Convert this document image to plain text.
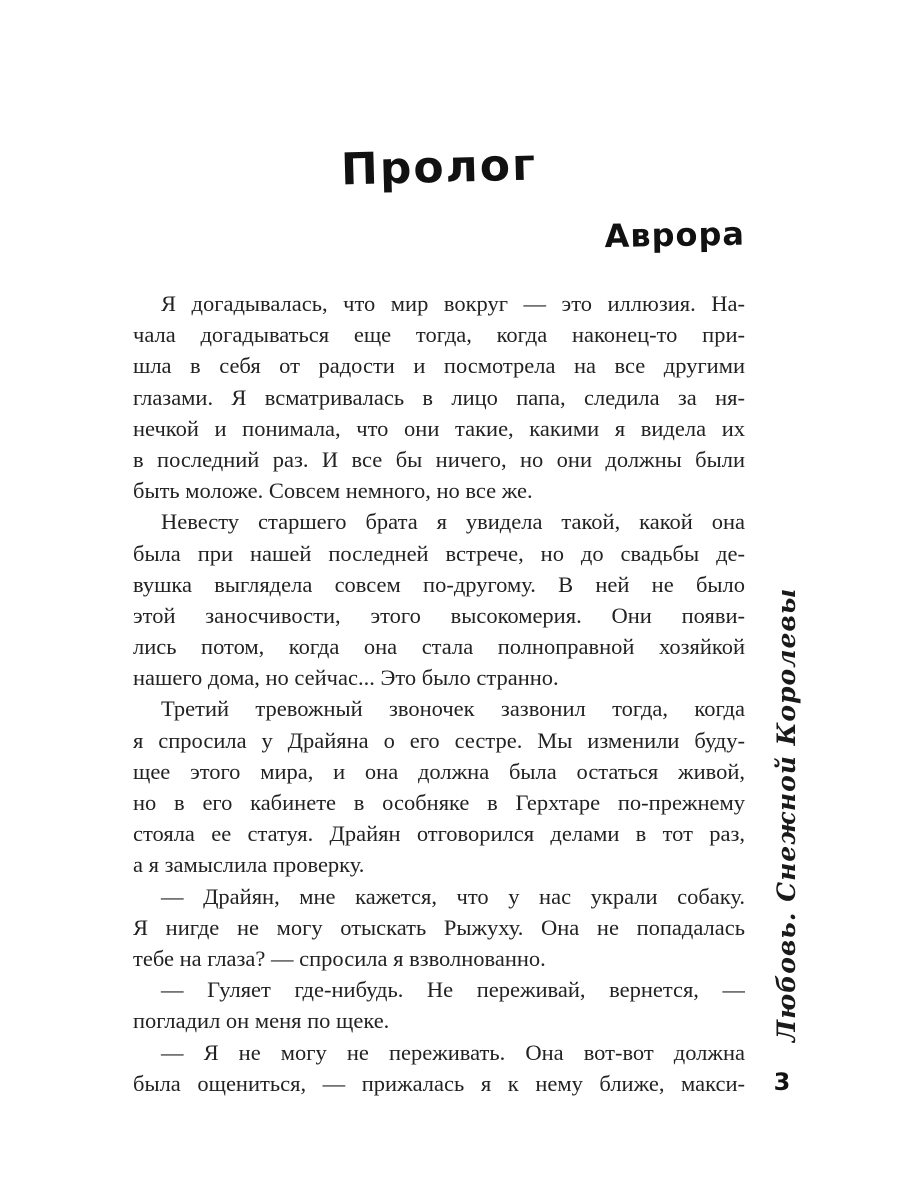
Пролог
Аврора
Я догадывалась, что мир вокруг — это иллюзия. На-
чала догадываться еще тогда, когда наконец-то при-
шла в себя от радости и посмотрела на все другими
глазами. Я всматривалась в лицо папа, следила за ня-
нечкой и понимала, что они такие, какими я видела их
в последний раз. И все бы ничего, но они должны были
быть моложе. Совсем немного, но все же.
Невесту старшего брата я увидела такой, какой она
была при нашей последней встрече, но до свадьбы де-
вушка выглядела совсем по-другому. В ней не было
этой заносчивости, этого высокомерия. Они появи-
лись потом, когда она стала полноправной хозяйкой
нашего дома, но сейчас... Это было странно.
Третий тревожный звоночек зазвонил тогда, когда
я спросила у Драйяна о его сестре. Мы изменили буду-
щее этого мира, и она должна была остаться живой,
но в его кабинете в особняке в Герхтаре по-прежнему
стояла ее статуя. Драйян отговорился делами в тот раз,
а я замыслила проверку.
— Драйян, мне кажется, что у нас украли собаку.
Я нигде не могу отыскать Рыжуху. Она не попадалась
тебе на глаза? — спросила я взволнованно.
— Гуляет где-нибудь. Не переживай, вернется, —
погладил он меня по щеке.
— Я не могу не переживать. Она вот-вот должна
была ощениться, — прижалась я к нему ближе, макси-
Любовь. Снежной Королевы
3
